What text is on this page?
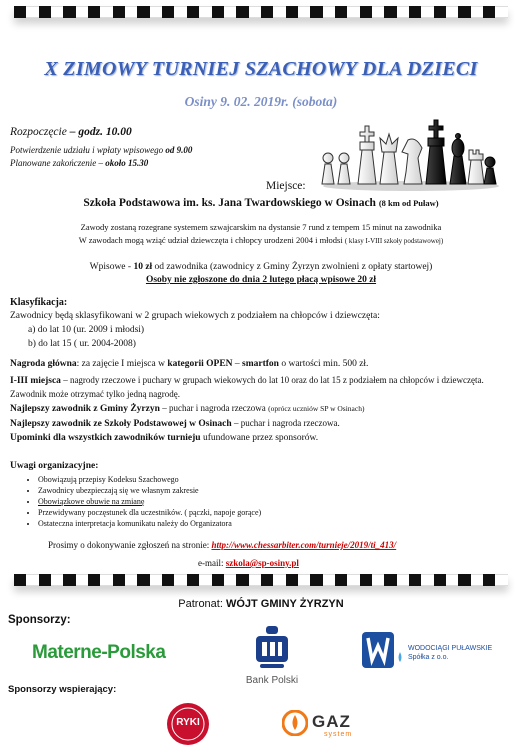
X ZIMOWY TURNIEJ SZACHOWY DLA DZIECI
Osiny 9. 02. 2019r. (sobota)
Rozpoczęcie – godz. 10.00
Potwierdzenie udziału i wpłaty wpisowego od 9.00
Planowane zakończenie – około 15.30
Miejsce:
Szkoła Podstawowa im. ks. Jana Twardowskiego w Osinach (8 km od Puław)
Zawody zostaną rozegrane systemem szwajcarskim na dystansie 7 rund z tempem 15 minut na zawodnika
W zawodach mogą wziąć udział dziewczęta i chłopcy urodzeni 2004 i młodsi ( klasy I-VIII szkoły podstawowej)
Wpisowe - 10 zł od zawodnika (zawodnicy z Gminy Żyrzyn zwolnieni z opłaty startowej)
Osoby nie zgłoszone do dnia 2 lutego płacą wpisowe 20 zł
Klasyfikacja:
Zawodnicy będą sklasyfikowani w 2 grupach wiekowych z podziałem na chłopców i dziewczęta:
a) do lat 10 (ur. 2009 i młodsi)
b) do lat 15 ( ur. 2004-2008)
Nagroda główna: za zajęcie I miejsca w kategorii OPEN – smartfon o wartości min. 500 zł.
I-III miejsca – nagrody rzeczowe i puchary w grupach wiekowych do lat 10 oraz do lat 15 z podziałem na chłopców i dziewczęta. Zawodnik może otrzymać tylko jedną nagrodę.
Najlepszy zawodnik z Gminy Żyrzyn – puchar i nagroda rzeczowa (oprócz uczniów SP w Osinach)
Najlepszy zawodnik ze Szkoły Podstawowej w Osinach – puchar i nagroda rzeczowa.
Upominki dla wszystkich zawodników turnieju ufundowane przez sponsorów.
Uwagi organizacyjne:
• Obowiązują przepisy Kodeksu Szachowego
• Zawodnicy ubezpieczają się we własnym zakresie
• Obowiązkowe obuwie na zmianę
• Przewidywany poczęstunek dla uczestników. ( pączki, napoje gorące)
• Ostateczna interpretacja komunikatu należy do Organizatora
Prosimy o dokonywanie zgłoszeń na stronie: http://www.chessarbiter.com/turnieje/2019/ti_413/
e-mail: szkola@sp-osiny.pl
Patronat: WÓJT GMINY ŻYRZYN
Sponsorzy:
Materne-Polska
Bank Polski
WODOCIĄGI PUŁAWSKIE
Spółka z o.o.
Sponsorzy wspierający:
RYKI	GAZ
system
